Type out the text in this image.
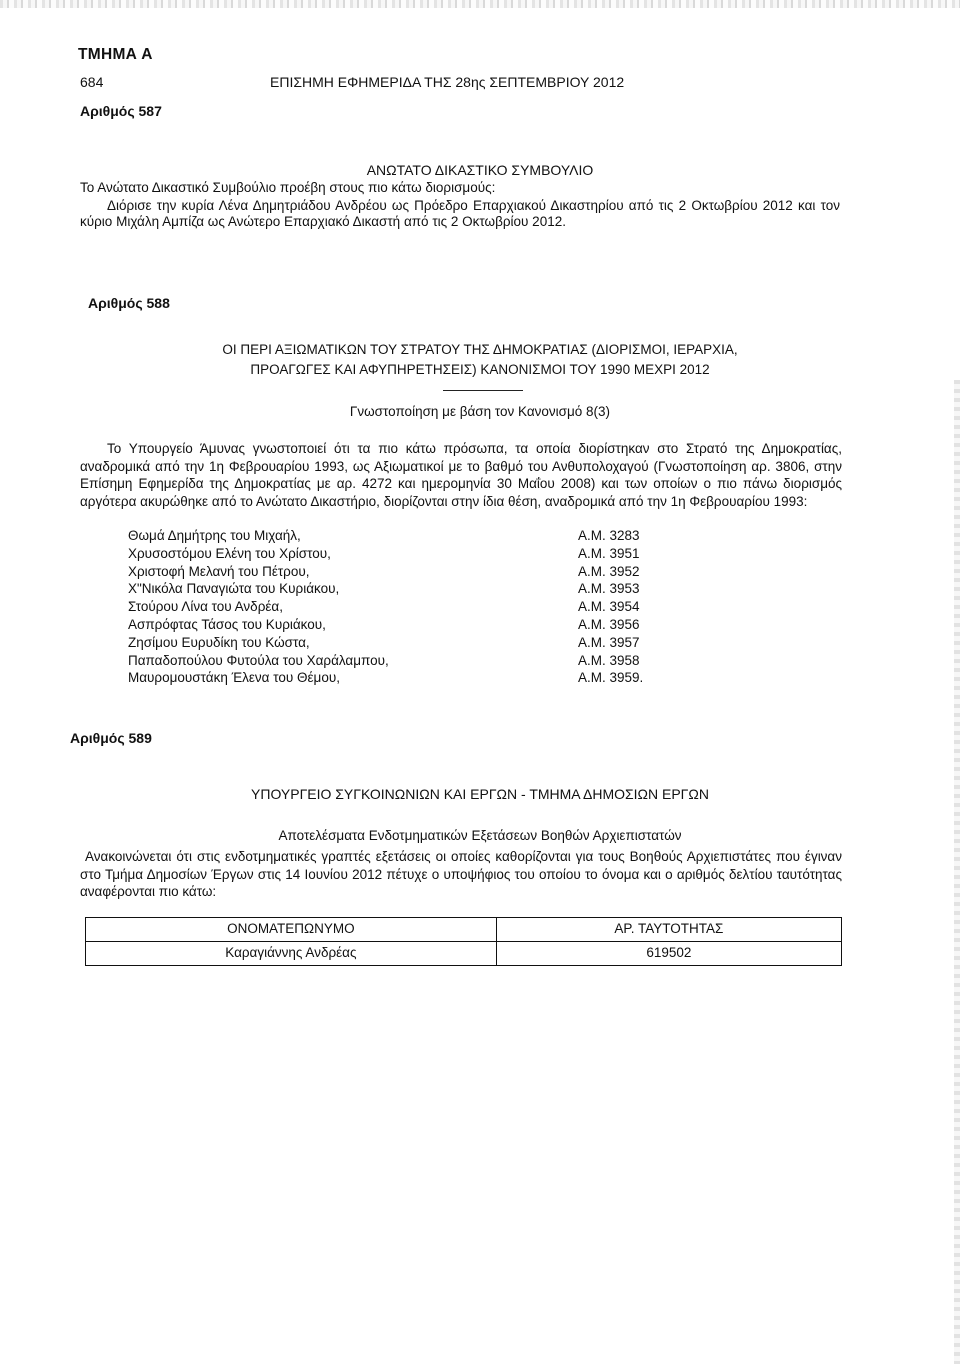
ΤΜΗΜΑ Α
684	ΕΠΙΣΗΜΗ ΕΦΗΜΕΡΙΔΑ ΤΗΣ 28ης ΣΕΠΤΕΜΒΡΙΟΥ 2012
Αριθμός 587
ΑΝΩΤΑΤΟ ΔΙΚΑΣΤΙΚΟ ΣΥΜΒΟΥΛΙΟ
Το Ανώτατο Δικαστικό Συμβούλιο προέβη στους πιο κάτω διορισμούς:
Διόρισε την κυρία Λένα Δημητριάδου Ανδρέου ως Πρόεδρο Επαρχιακού Δικαστηρίου από τις 2 Οκτωβρίου 2012 και τον κύριο Μιχάλη Αμπίζα ως Ανώτερο Επαρχιακό Δικαστή από τις 2 Οκτωβρίου 2012.
Αριθμός 588
ΟΙ ΠΕΡΙ ΑΞΙΩΜΑΤΙΚΩΝ ΤΟΥ ΣΤΡΑΤΟΥ ΤΗΣ ΔΗΜΟΚΡΑΤΙΑΣ (ΔΙΟΡΙΣΜΟΙ, ΙΕΡΑΡΧΙΑ,
ΠΡΟΑΓΩΓΕΣ ΚΑΙ ΑΦΥΠΗΡΕΤΗΣΕΙΣ) ΚΑΝΟΝΙΣΜΟΙ ΤΟΥ 1990 ΜΕΧΡΙ 2012
Γνωστοποίηση με βάση τον Κανονισμό 8(3)
Το Υπουργείο Άμυνας γνωστοποιεί ότι τα πιο κάτω πρόσωπα, τα οποία διορίστηκαν στο Στρατό της Δημοκρατίας, αναδρομικά από την 1η Φεβρουαρίου 1993, ως Αξιωματικοί με το βαθμό του Ανθυπολοχαγού (Γνωστοποίηση αρ. 3806, στην Επίσημη Εφημερίδα της Δημοκρατίας με αρ. 4272 και ημερομηνία 30 Μαΐου 2008) και των οποίων ο πιο πάνω διορισμός αργότερα ακυρώθηκε από το Ανώτατο Δικαστήριο, διορίζονται στην ίδια θέση, αναδρομικά από την 1η Φεβρουαρίου 1993:
Θωμά Δημήτρης του Μιχαήλ,	Α.Μ. 3283
Χρυσοστόμου Ελένη του Χρίστου,	Α.Μ. 3951
Χριστοφή Μελανή του Πέτρου,	Α.Μ. 3952
Χ"Νικόλα Παναγιώτα του Κυριάκου,	Α.Μ. 3953
Στούρου Λίνα του Ανδρέα,	Α.Μ. 3954
Ασπρόφτας Τάσος του Κυριάκου,	Α.Μ. 3956
Ζησίμου Ευρυδίκη του Κώστα,	Α.Μ. 3957
Παπαδοπούλου Φυτούλα του Χαράλαμπου,	Α.Μ. 3958
Μαυρομουστάκη Έλενα του Θέμου,	Α.Μ. 3959.
Αριθμός 589
ΥΠΟΥΡΓΕΙΟ ΣΥΓΚΟΙΝΩΝΙΩΝ ΚΑΙ ΕΡΓΩΝ - ΤΜΗΜΑ ΔΗΜΟΣΙΩΝ ΕΡΓΩΝ
Αποτελέσματα Ενδοτμηματικών Εξετάσεων Βοηθών Αρχιεπιστατών
Ανακοινώνεται ότι στις ενδοτμηματικές γραπτές εξετάσεις οι οποίες καθορίζονται για τους Βοηθούς Αρχιεπιστάτες που έγιναν στο Τμήμα Δημοσίων Έργων στις 14 Ιουνίου 2012 πέτυχε ο υποψήφιος του οποίου το όνομα και ο αριθμός δελτίου ταυτότητας αναφέρονται πιο κάτω:
ΟΝΟΜΑΤΕΠΩΝΥΜΟ	ΑΡ. ΤΑΥΤΟΤΗΤΑΣ
Καραγιάννης Ανδρέας	619502
